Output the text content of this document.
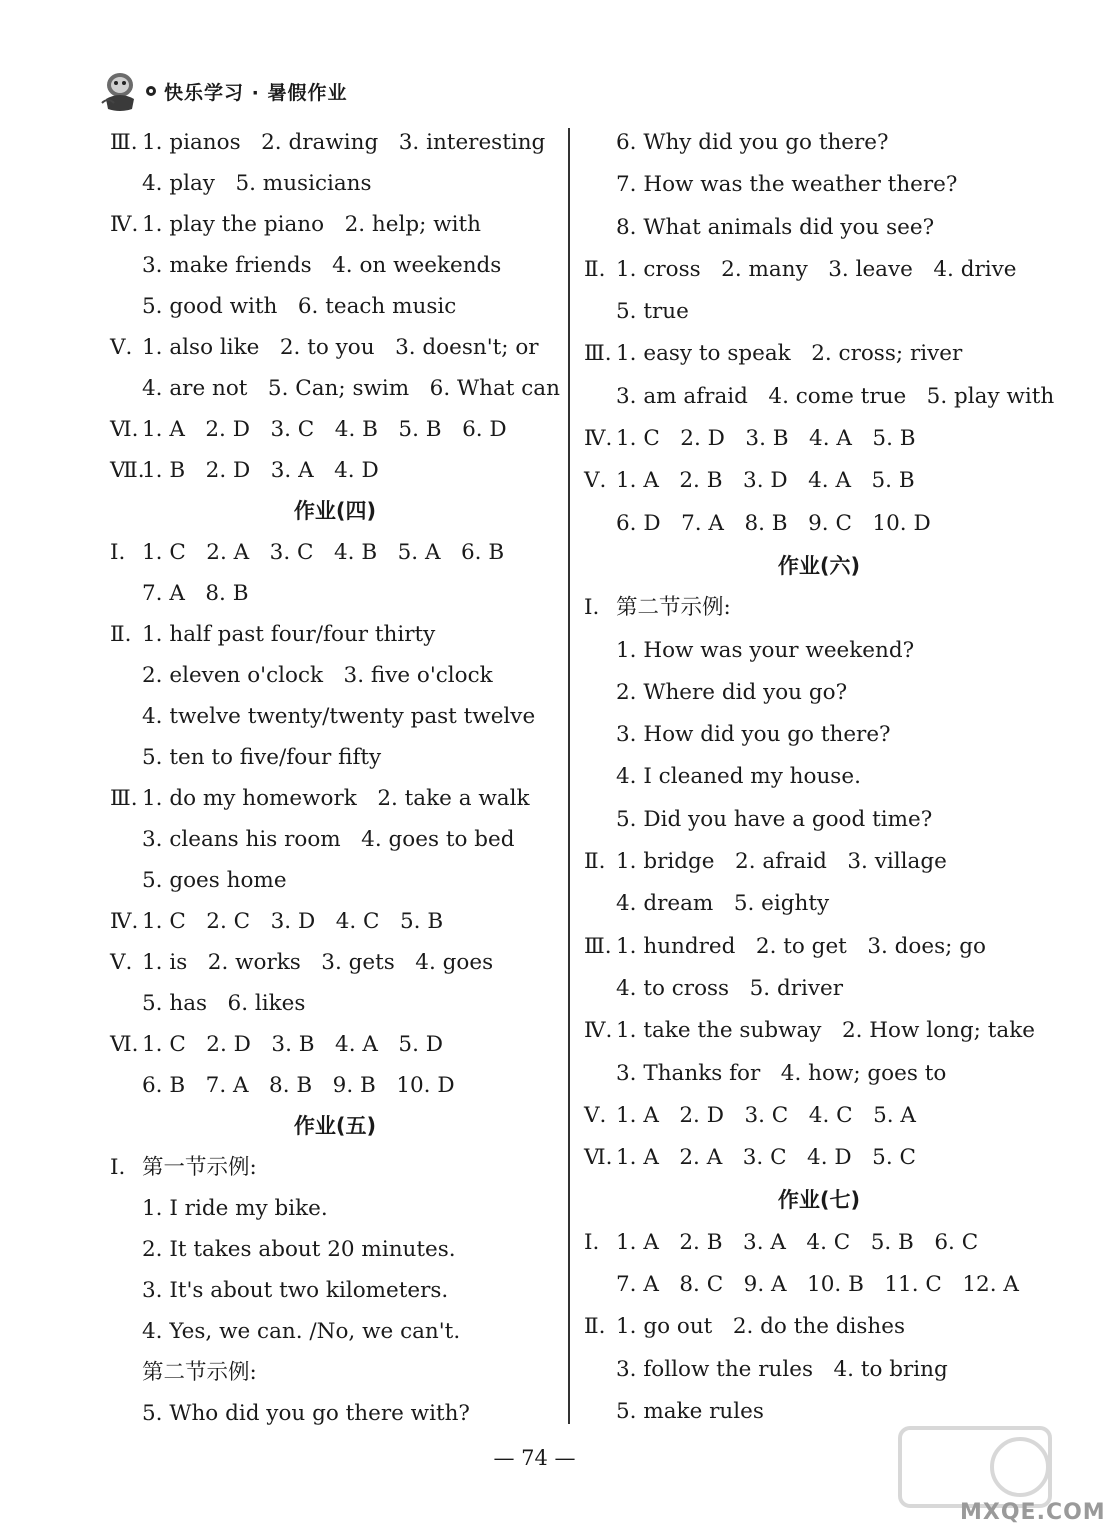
快乐学习 · 暑假作业
Ⅲ. 1. pianos   2. drawing   3. interesting
4. play   5. musicians
Ⅳ. 1. play the piano   2. help; with
3. make friends   4. on weekends
5. good with   6. teach music
Ⅴ. 1. also like   2. to you   3. doesn't; or
4. are not   5. Can; swim   6. What can
Ⅵ. 1. A   2. D   3. C   4. B   5. B   6. D
Ⅶ.
1. B   2. D   3. A   4. D
作业(四)
Ⅰ. 1. C   2. A   3. C   4. B   5. A   6. B
7. A   8. B
Ⅱ. 1. half past four/four thirty
2. eleven o'clock   3. five o'clock
4. twelve twenty/twenty past twelve
5. ten to five/four fifty
Ⅲ. 1. do my homework   2. take a walk
3. cleans his room   4. goes to bed
5. goes home
Ⅳ. 1. C   2. C   3. D   4. C   5. B
Ⅴ. 1. is   2. works   3. gets   4. goes
5. has   6. likes
Ⅵ. 1. C   2. D   3. B   4. A   5. D
6. B   7. A   8. B   9. B   10. D
作业(五)
Ⅰ. 第一节示例:
1. I ride my bike.
2. It takes about 20 minutes.
3. It's about two kilometers.
4. Yes, we can. /No, we can't.
第二节示例:
5. Who did you go there with?
6. Why did you go there?
7. How was the weather there?
8. What animals did you see?
Ⅱ. 1. cross   2. many   3. leave   4. drive
5. true
Ⅲ. 1. easy to speak   2. cross; river
3. am afraid   4. come true   5. play with
Ⅳ. 1. C   2. D   3. B   4. A   5. B
Ⅴ. 1. A   2. B   3. D   4. A   5. B
6. D   7. A   8. B   9. C   10. D
作业(六)
Ⅰ. 第二节示例:
1. How was your weekend?
2. Where did you go?
3. How did you go there?
4. I cleaned my house.
5. Did you have a good time?
Ⅱ. 1. bridge   2. afraid   3. village
4. dream   5. eighty
Ⅲ. 1. hundred   2. to get   3. does; go
4. to cross   5. driver
Ⅳ. 1. take the subway   2. How long; take
3. Thanks for   4. how; goes to
Ⅴ. 1. A   2. D   3. C   4. C   5. A
Ⅵ. 1. A   2. A   3. C   4. D   5. C
作业(七)
Ⅰ. 1. A   2. B   3. A   4. C   5. B   6. C
7. A   8. C   9. A   10. B   11. C   12. A
Ⅱ. 1. go out   2. do the dishes
3. follow the rules   4. to bring
5. make rules
— 74 —
MXQE.COM
